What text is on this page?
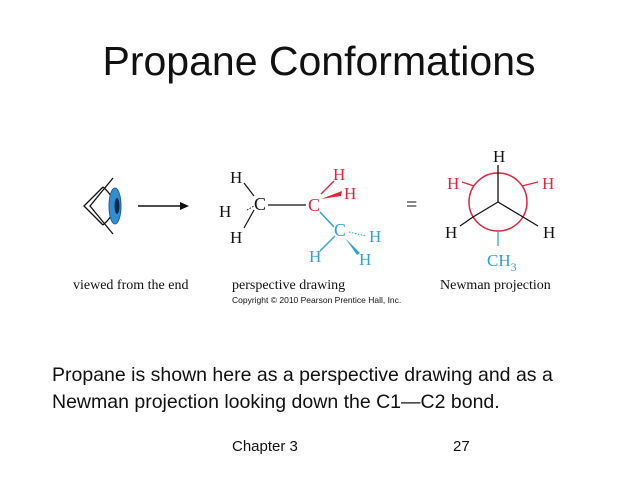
Propane Conformations
H
H C
H
C
H
H
C H
H H
=
H
H	H
H	H
$CH_3$
viewed from the end	perspective drawing	Newman projection
Copyright © 2010 Pearson Prentice Hall, Inc.
Propane is shown here as a perspective drawing and as a Newman projection looking down the C1—C2 bond.
Chapter 3	27
